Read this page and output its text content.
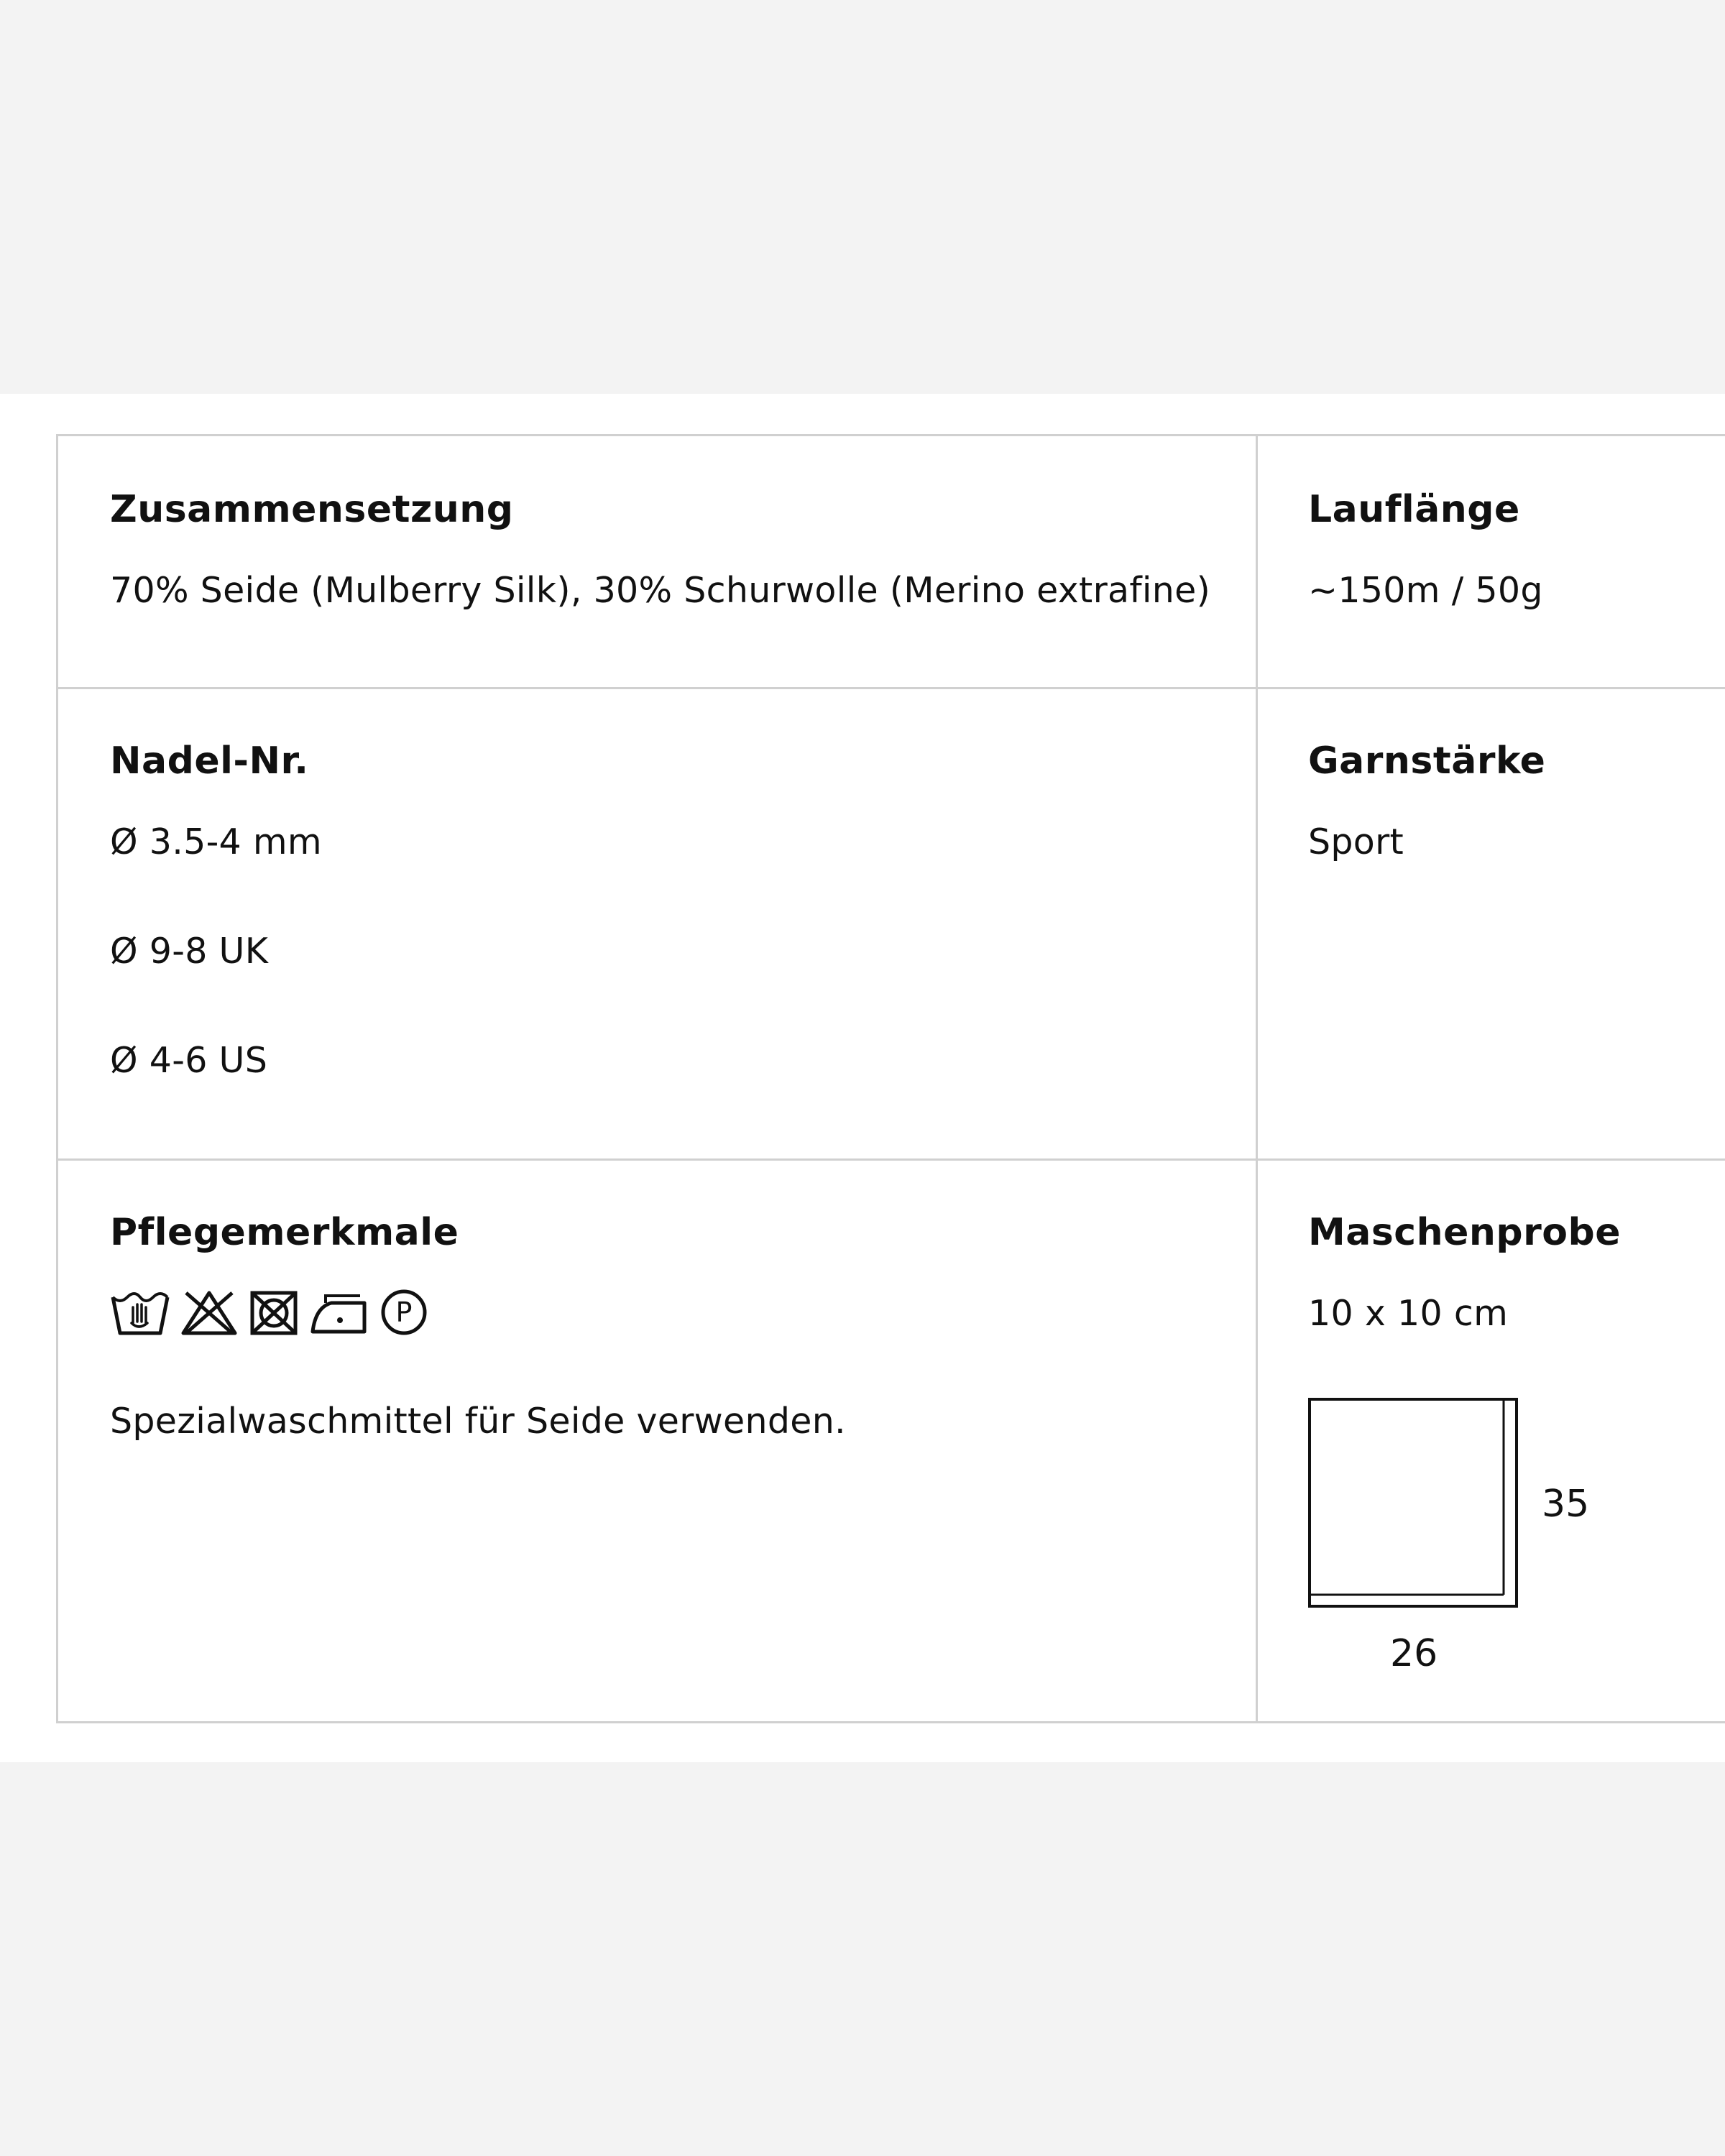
Zusammensetzung
70% Seide (Mulberry Silk), 30% Schurwolle (Merino extrafine)
Lauflänge
~150m / 50g
Nadel-Nr.
Ø 3.5-4 mm
Ø 9-8 UK
Ø 4-6 US
Garnstärke
Sport
Pflegemerkmale
P
Spezialwaschmittel für Seide verwenden.
Maschenprobe
10 x 10 cm
35
26
